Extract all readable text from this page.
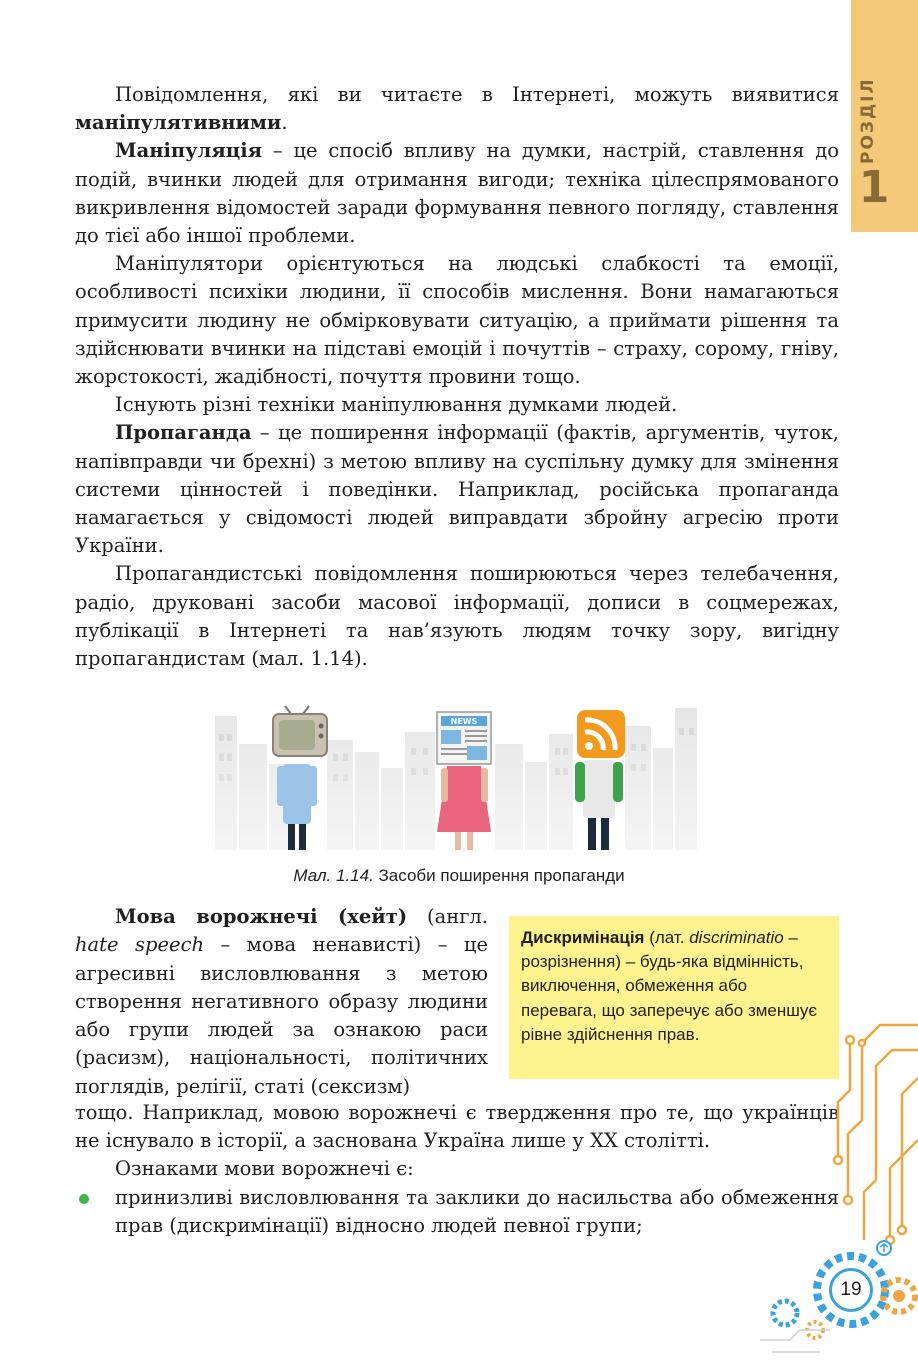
РОЗДІЛ
1

Повідомлення, які ви читаєте в Інтернеті, можуть виявитися маніпулятивними.

Маніпуляція – це спосіб впливу на думки, настрій, ставлення до подій, вчинки людей для отримання вигоди; техніка цілеспрямованого викривлення відомостей заради формування певного погляду, ставлення до тієї або іншої проблеми.

Маніпулятори орієнтуються на людські слабкості та емоції, особливості психіки людини, її способів мислення. Вони намагаються примусити людину не обмірковувати ситуацію, а приймати рішення та здійснювати вчинки на підставі емоцій і почуттів – страху, сорому, гніву, жорстокості, жадібності, почуття провини тощо.

Існують різні техніки маніпулювання думками людей.

Пропаганда – це поширення інформації (фактів, аргументів, чуток, напівправди чи брехні) з метою впливу на суспільну думку для змінення системи цінностей і поведінки. Наприклад, російська пропаганда намагається у свідомості людей виправдати збройну агресію проти України.

Пропагандистські повідомлення поширюються через телебачення, радіо, друковані засоби масової інформації, дописи в соцмережах, публікації в Інтернеті та нав’язують людям точку зору, вигідну пропагандистам (мал. 1.14).

NEWS
Мал. 1.14. Засоби поширення пропаганди

Мова ворожнечі (хейт) (англ. hate speech – мова ненависті) – це агресивні висловлювання з метою створення негативного образу людини або групи людей за ознакою раси (расизм), національності, політичних поглядів, релігії, статі (сексизм)

Дискримінація (лат. discriminatio – розрізнення) – будь-яка відмінність, виключення, обмеження або перевага, що заперечує або зменшує рівне здійснення прав.

тощо. Наприклад, мовою ворожнечі є твердження про те, що українців не існувало в історії, а заснована Україна лише у XX столітті.

Ознаками мови ворожнечі є:

принизливі висловлювання та заклики до насильства або обмеження прав (дискримінації) відносно людей певної групи;
19
